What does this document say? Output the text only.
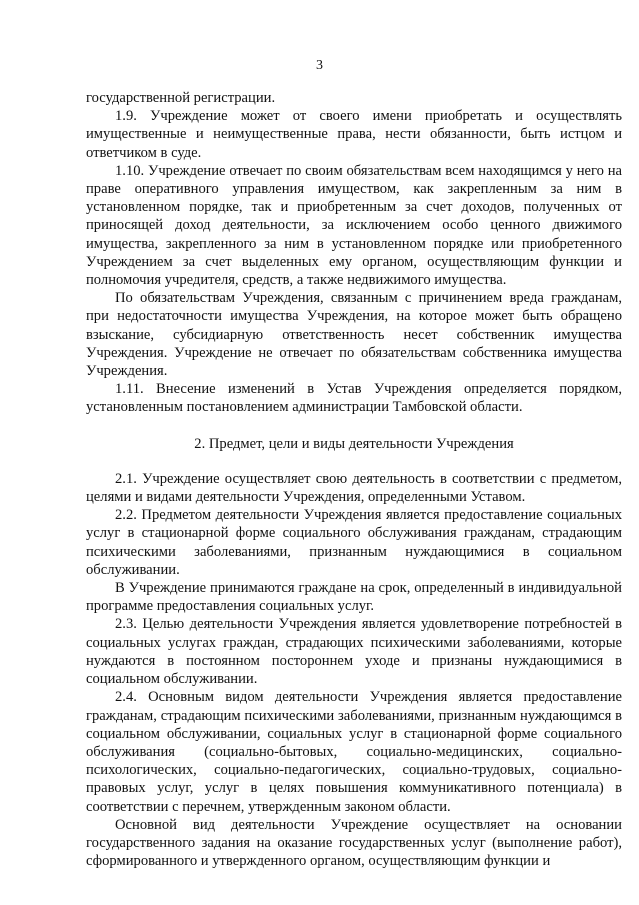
3

государственной регистрации.

1.9. Учреждение может от своего имени приобретать и осуществлять имущественные и неимущественные права, нести обязанности, быть истцом и ответчиком в суде.

1.10. Учреждение отвечает по своим обязательствам всем находящимся у него на праве оперативного управления имуществом, как закрепленным за ним в установленном порядке, так и приобретенным за счет доходов, полученных от приносящей доход деятельности, за исключением особо ценного движимого имущества, закрепленного за ним в установленном порядке или приобретенного Учреждением за счет выделенных ему органом, осуществляющим функции и полномочия учредителя, средств, а также недвижимого имущества.

По обязательствам Учреждения, связанным с причинением вреда гражданам, при недостаточности имущества Учреждения, на которое может быть обращено взыскание, субсидиарную ответственность несет собственник имущества Учреждения. Учреждение не отвечает по обязательствам собственника имущества Учреждения.

1.11. Внесение изменений в Устав Учреждения определяется порядком, установленным постановлением администрации Тамбовской области.

2. Предмет, цели и виды деятельности Учреждения

2.1. Учреждение осуществляет свою деятельность в соответствии с предметом, целями и видами деятельности Учреждения, определенными Уставом.

2.2. Предметом деятельности Учреждения является предоставление социальных услуг в стационарной форме социального обслуживания гражданам, страдающим психическими заболеваниями, признанным нуждающимися в социальном обслуживании.

В Учреждение принимаются граждане на срок, определенный в индивидуальной программе предоставления социальных услуг.

2.3. Целью деятельности Учреждения является удовлетворение потребностей в социальных услугах граждан, страдающих психическими заболеваниями, которые нуждаются в постоянном постороннем уходе и признаны нуждающимися в социальном обслуживании.

2.4. Основным видом деятельности Учреждения является предоставление гражданам, страдающим психическими заболеваниями, признанным нуждающимся в социальном обслуживании, социальных услуг в стационарной форме социального обслуживания (социально-бытовых, социально-медицинских, социально-психологических, социально-педагогических, социально-трудовых, социально-правовых услуг, услуг в целях повышения коммуникативного потенциала) в соответствии с перечнем, утвержденным законом области.

Основной вид деятельности Учреждение осуществляет на основании государственного задания на оказание государственных услуг (выполнение работ), сформированного и утвержденного органом, осуществляющим функции и
